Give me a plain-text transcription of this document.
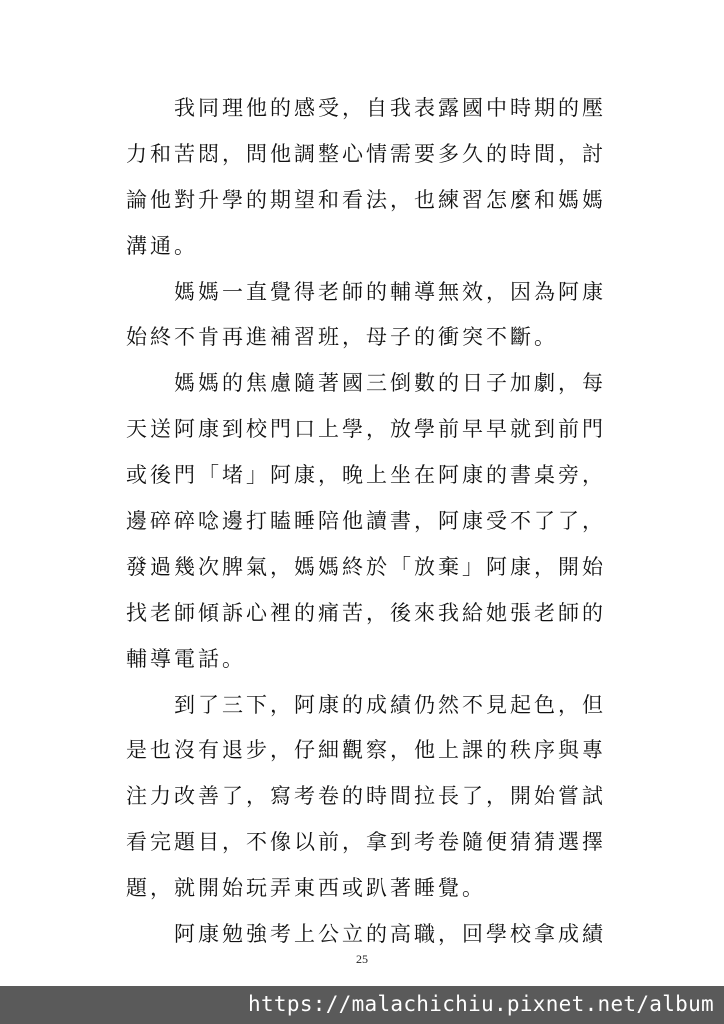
我同理他的感受，自我表露國中時期的壓
力和苦悶，問他調整心情需要多久的時間，討
論他對升學的期望和看法，也練習怎麼和媽媽
溝通。
媽媽一直覺得老師的輔導無效，因為阿康
始終不肯再進補習班，母子的衝突不斷。
媽媽的焦慮隨著國三倒數的日子加劇，每
天送阿康到校門口上學，放學前早早就到前門
或後門「堵」阿康，晚上坐在阿康的書桌旁，
邊碎碎唸邊打瞌睡陪他讀書，阿康受不了了，
發過幾次脾氣，媽媽終於「放棄」阿康，開始
找老師傾訴心裡的痛苦，後來我給她張老師的
輔導電話。
到了三下，阿康的成績仍然不見起色，但
是也沒有退步，仔細觀察，他上課的秩序與專
注力改善了，寫考卷的時間拉長了，開始嘗試
看完題目，不像以前，拿到考卷隨便猜猜選擇
題，就開始玩弄東西或趴著睡覺。
阿康勉強考上公立的高職，回學校拿成績
25
https://malachichiu.pixnet.net/album
